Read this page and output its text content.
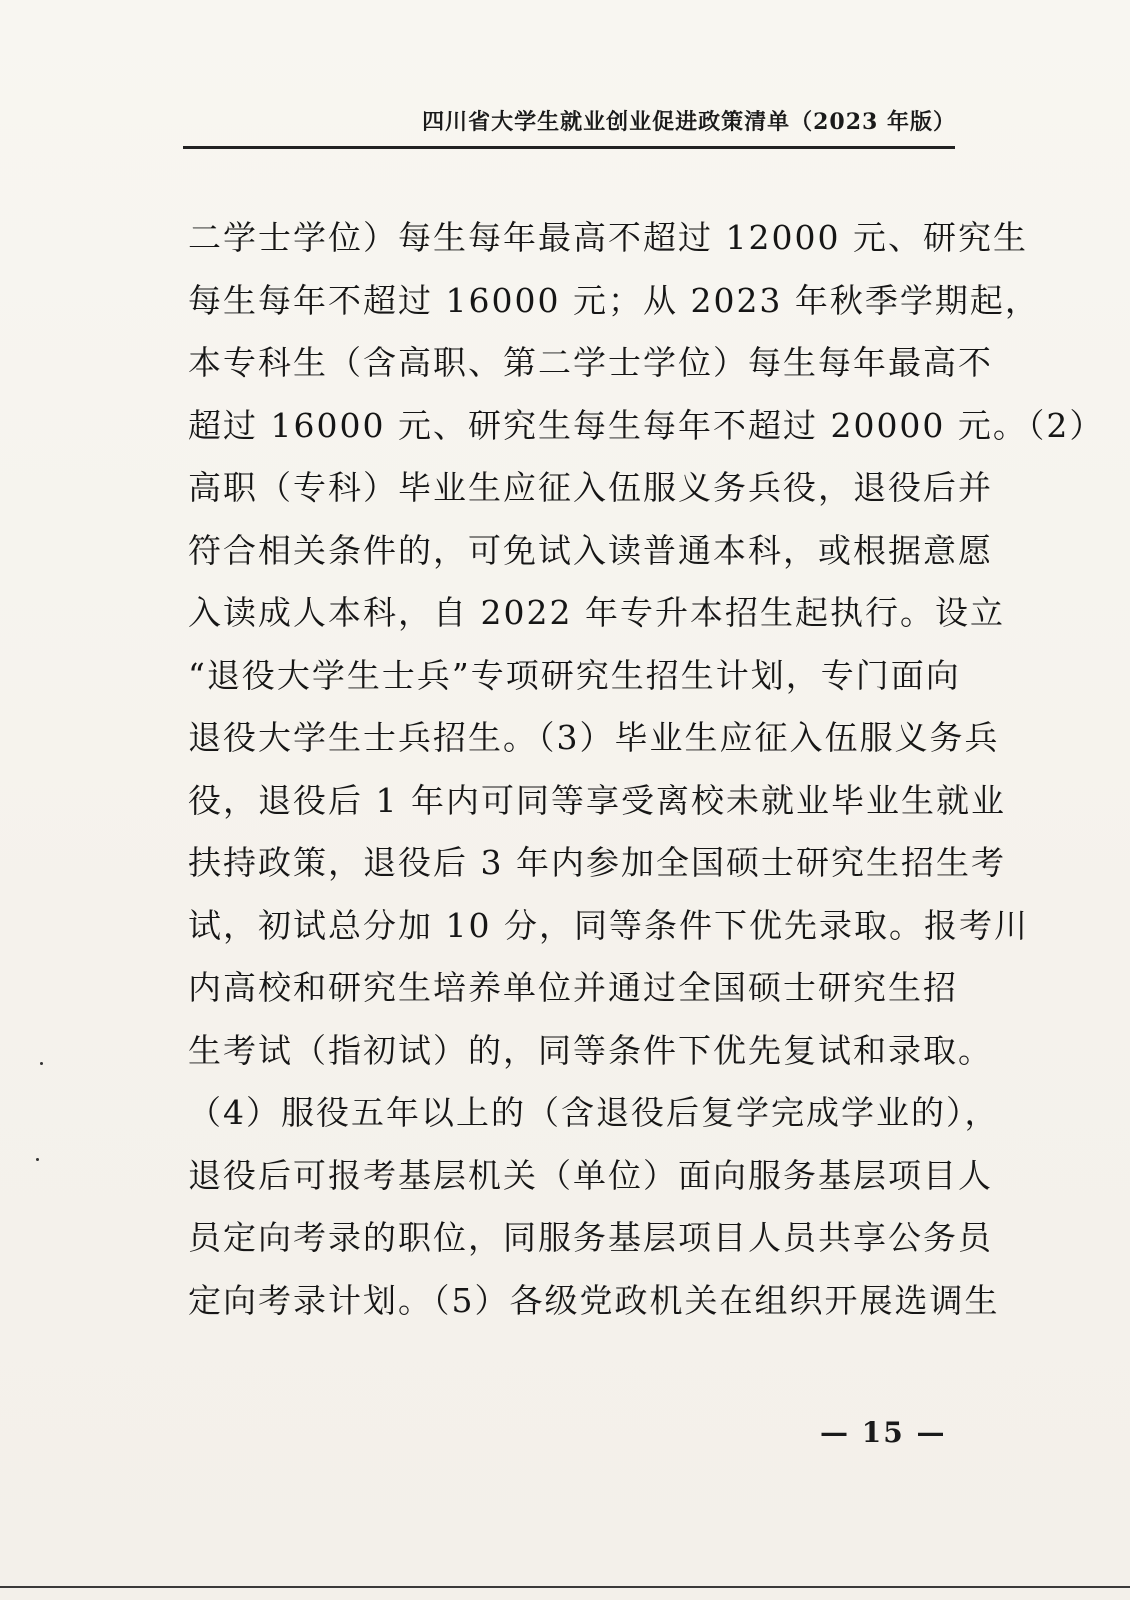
四川省大学生就业创业促进政策清单（2023 年版）
二学士学位）每生每年最高不超过 12000 元、研究生
每生每年不超过 16000 元；从 2023 年秋季学期起，
本专科生（含高职、第二学士学位）每生每年最高不
超过 16000 元、研究生每生每年不超过 20000 元。（2）
高职（专科）毕业生应征入伍服义务兵役，退役后并
符合相关条件的，可免试入读普通本科，或根据意愿
入读成人本科，自 2022 年专升本招生起执行。设立
“退役大学生士兵”专项研究生招生计划，专门面向
退役大学生士兵招生。（3）毕业生应征入伍服义务兵
役，退役后 1 年内可同等享受离校未就业毕业生就业
扶持政策，退役后 3 年内参加全国硕士研究生招生考
试，初试总分加 10 分，同等条件下优先录取。报考川
内高校和研究生培养单位并通过全国硕士研究生招
生考试（指初试）的，同等条件下优先复试和录取。
（4）服役五年以上的（含退役后复学完成学业的），
退役后可报考基层机关（单位）面向服务基层项目人
员定向考录的职位，同服务基层项目人员共享公务员
定向考录计划。（5）各级党政机关在组织开展选调生
— 15 —
